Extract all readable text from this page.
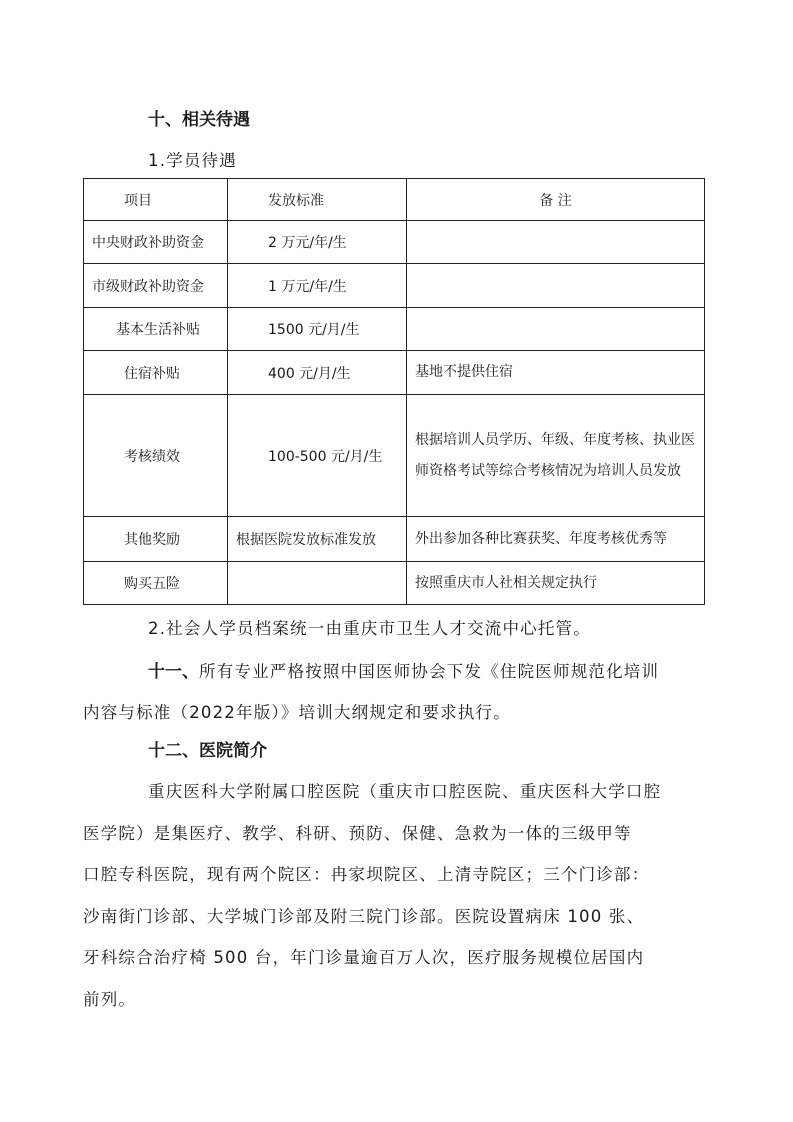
十、相关待遇
1.学员待遇
项目	发放标准	备 注
中央财政补助资金	2 万元/年/生	
市级财政补助资金	1 万元/年/生	
基本生活补贴	1500 元/月/生	
住宿补贴	400 元/月/生	基地不提供住宿
考核绩效	100-500 元/月/生	根据培训人员学历、年级、年度考核、执业医师资格考试等综合考核情况为培训人员发放
其他奖励	根据医院发放标准发放	外出参加各种比赛获奖、年度考核优秀等
购买五险		按照重庆市人社相关规定执行
2.社会人学员档案统一由重庆市卫生人才交流中心托管。
十一、所有专业严格按照中国医师协会下发《住院医师规范化培训
内容与标准（2022年版）》培训大纲规定和要求执行。
十二、医院简介
重庆医科大学附属口腔医院（重庆市口腔医院、重庆医科大学口腔
医学院）是集医疗、教学、科研、预防、保健、急救为一体的三级甲等
口腔专科医院，现有两个院区：冉家坝院区、上清寺院区；三个门诊部：
沙南街门诊部、大学城门诊部及附三院门诊部。医院设置病床 100 张、
牙科综合治疗椅 500 台，年门诊量逾百万人次，医疗服务规模位居国内
前列。
